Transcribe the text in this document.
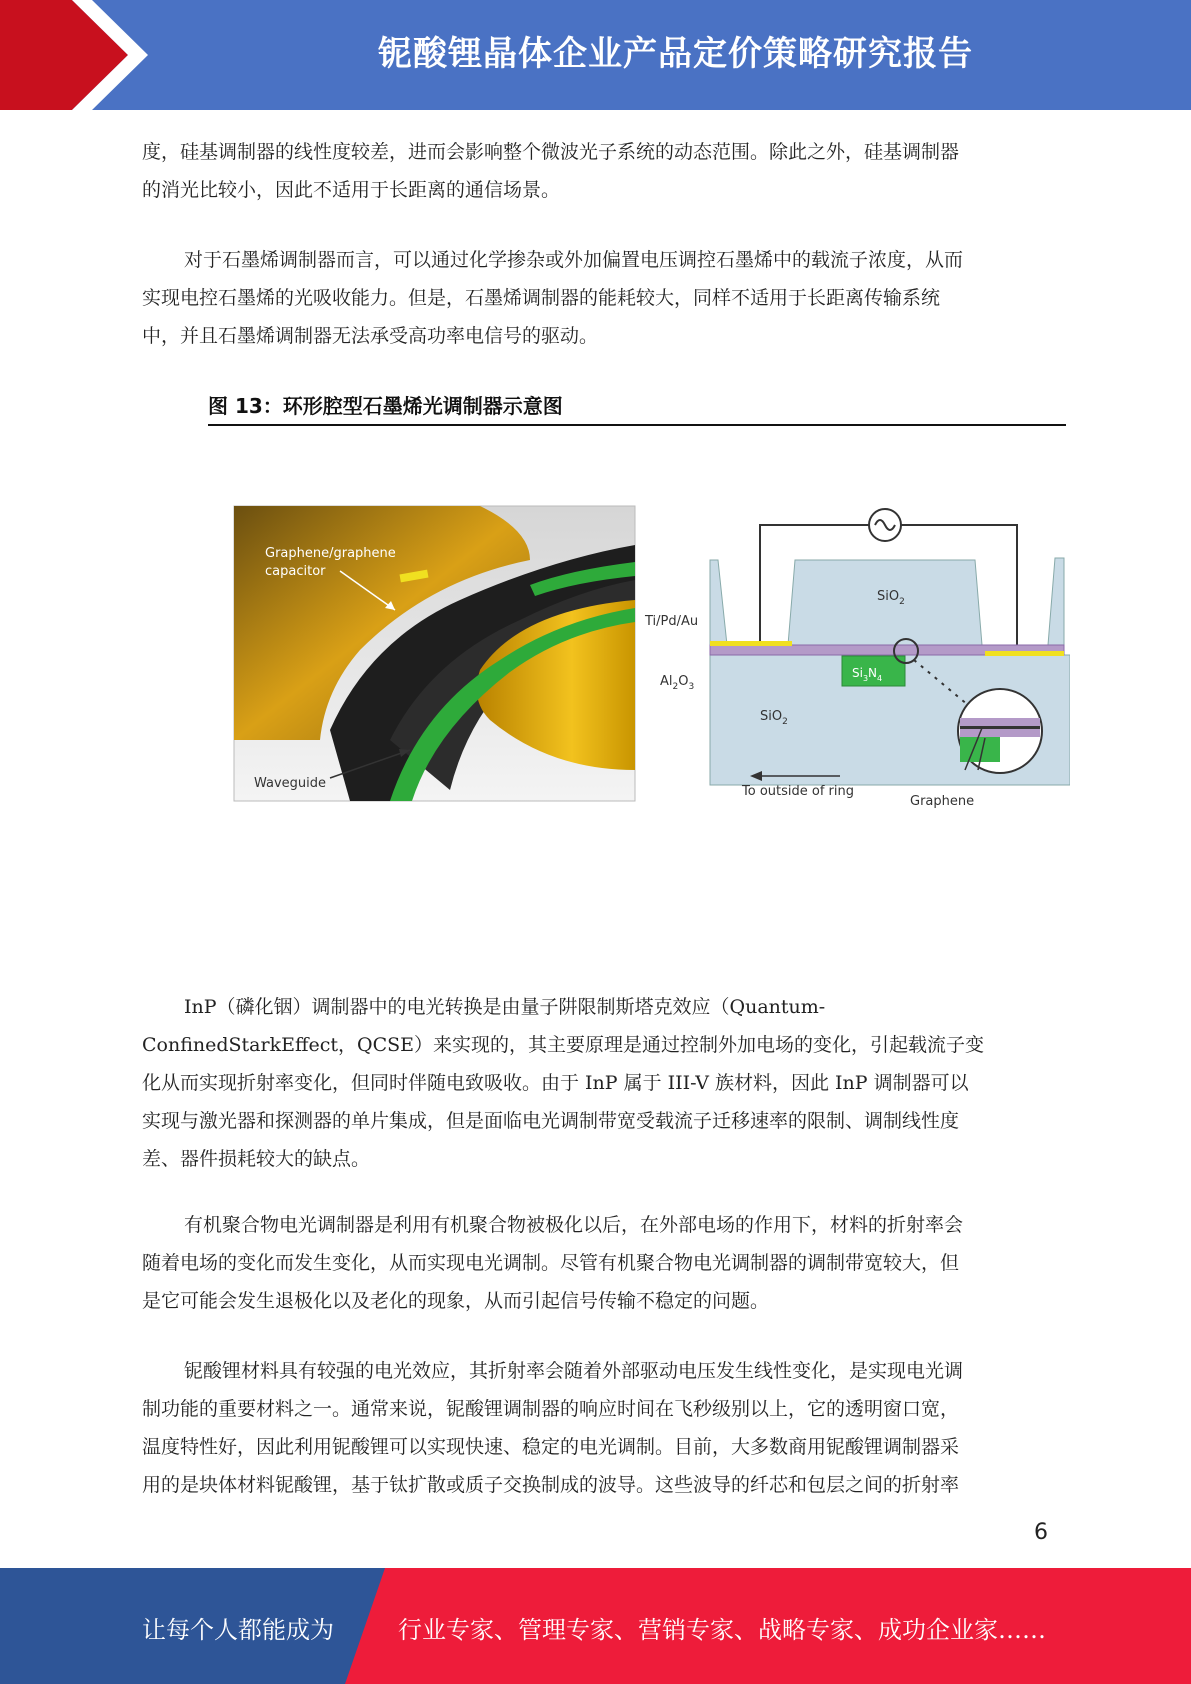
铌酸锂晶体企业产品定价策略研究报告
度，硅基调制器的线性度较差，进而会影响整个微波光子系统的动态范围。除此之外，硅基调制器
的消光比较小，因此不适用于长距离的通信场景。
对于石墨烯调制器而言，可以通过化学掺杂或外加偏置电压调控石墨烯中的载流子浓度，从而
实现电控石墨烯的光吸收能力。但是，石墨烯调制器的能耗较大，同样不适用于长距离传输系统
中，并且石墨烯调制器无法承受高功率电信号的驱动。
图 13：环形腔型石墨烯光调制器示意图
Graphene/graphene
capacitor
Waveguide
SiO$_2$
Ti/Pd/Au
$Al_2O_3$
$Si_3N_4$
SiO$_2$
To outside of ring
Graphene
InP（磷化铟）调制器中的电光转换是由量子阱限制斯塔克效应（Quantum-
ConfinedStarkEffect，QCSE）来实现的，其主要原理是通过控制外加电场的变化，引起载流子变
化从而实现折射率变化，但同时伴随电致吸收。由于 InP 属于 III-V 族材料，因此 InP 调制器可以
实现与激光器和探测器的单片集成，但是面临电光调制带宽受载流子迁移速率的限制、调制线性度
差、器件损耗较大的缺点。
有机聚合物电光调制器是利用有机聚合物被极化以后，在外部电场的作用下，材料的折射率会
随着电场的变化而发生变化，从而实现电光调制。尽管有机聚合物电光调制器的调制带宽较大，但
是它可能会发生退极化以及老化的现象，从而引起信号传输不稳定的问题。
铌酸锂材料具有较强的电光效应，其折射率会随着外部驱动电压发生线性变化，是实现电光调
制功能的重要材料之一。通常来说，铌酸锂调制器的响应时间在飞秒级别以上，它的透明窗口宽，
温度特性好，因此利用铌酸锂可以实现快速、稳定的电光调制。目前，大多数商用铌酸锂调制器采
用的是块体材料铌酸锂，基于钛扩散或质子交换制成的波导。这些波导的纤芯和包层之间的折射率
6
让每个人都能成为	行业专家、管理专家、营销专家、战略专家、成功企业家……
